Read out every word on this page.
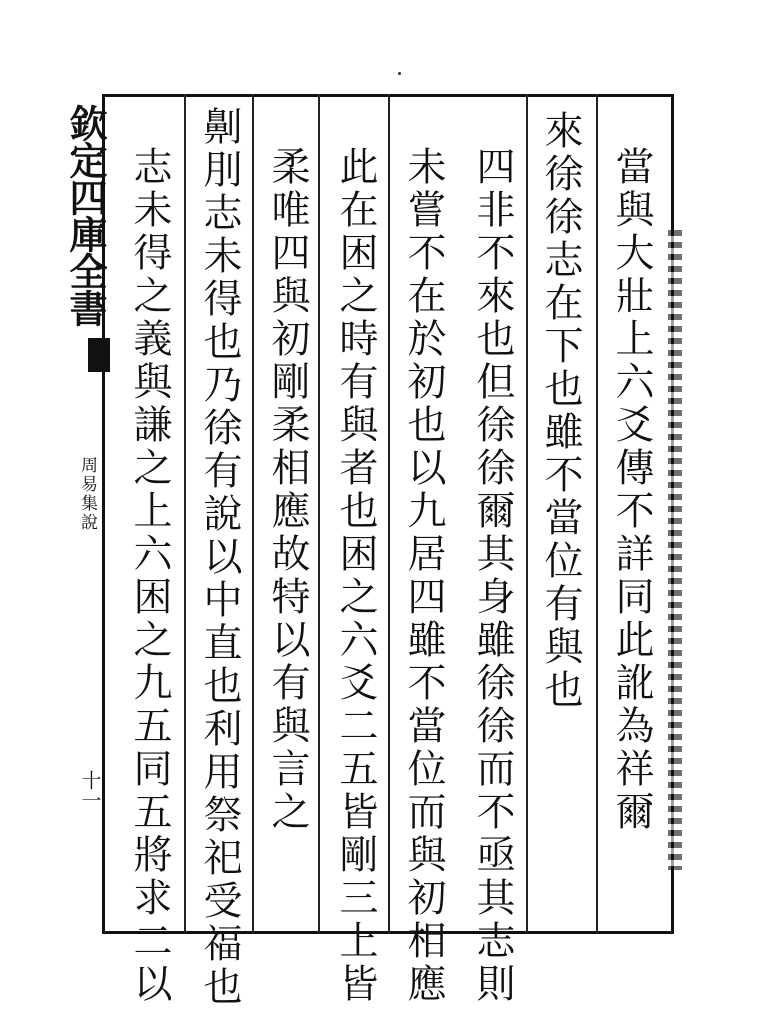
欽定四庫全書
周易集說
十一	當與大壯上六爻傳不詳同此訛為祥爾
來徐徐志在下也雖不當位有與也
四非不來也但徐徐爾其身雖徐徐而不亟其志則
未嘗不在於初也以九居四雖不當位而與初相應
此在困之時有與者也困之六爻二五皆剛三上皆
柔唯四與初剛柔相應故特以有與言之
劓刖志未得也乃徐有說以中直也利用祭祀受福也
志未得之義與謙之上六困之九五同五將求二以
